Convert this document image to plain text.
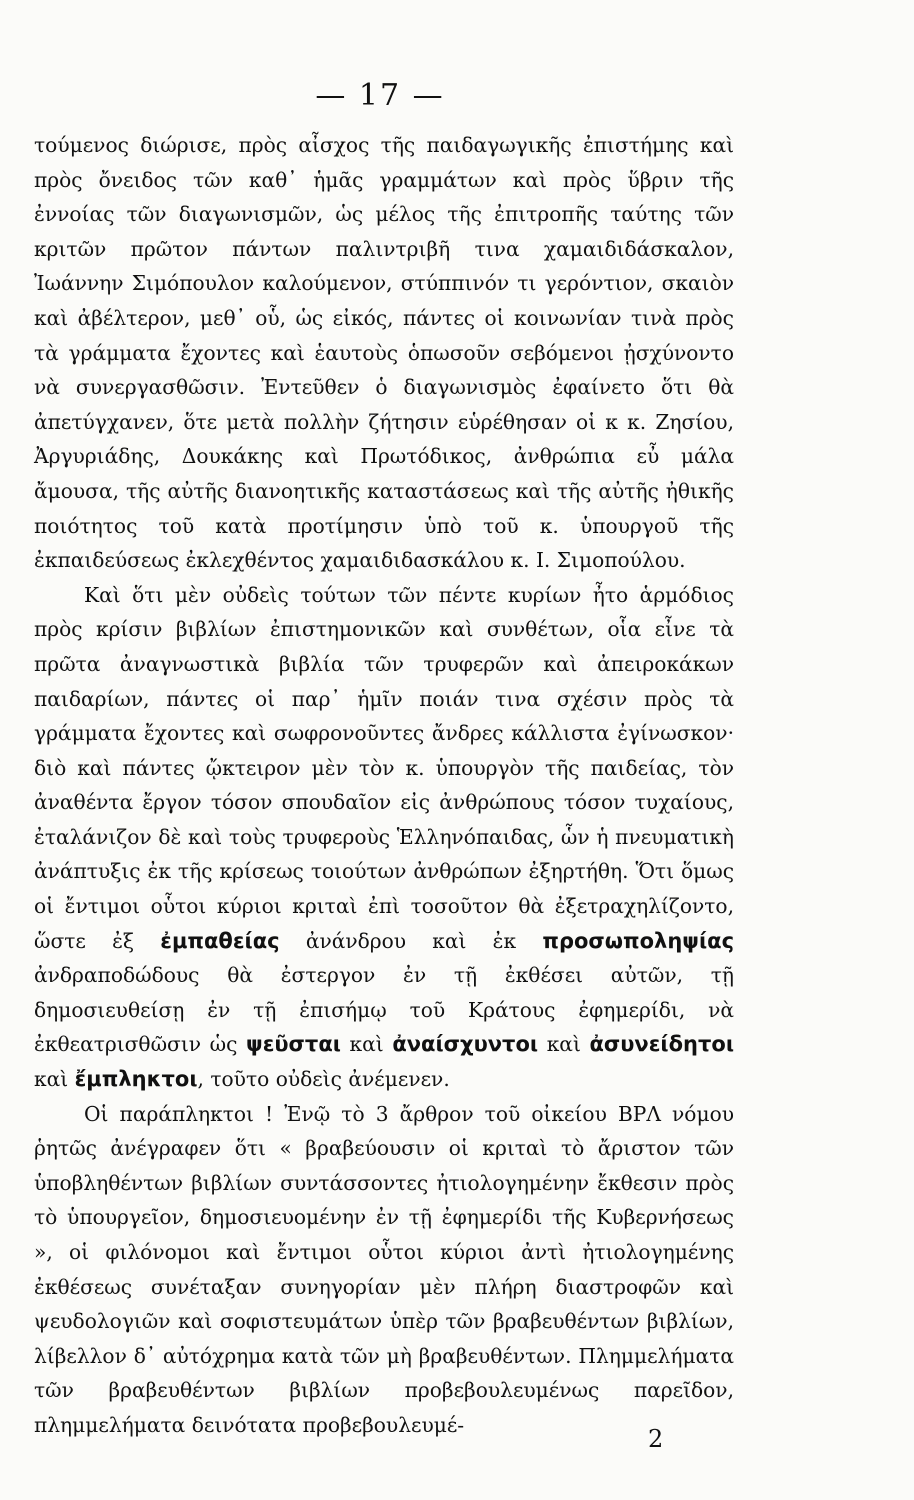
— 17 —

τούμενος διώρισε, πρὸς αἶσχος τῆς παιδαγωγικῆς ἐπιστήμης καὶ πρὸς ὄνειδος τῶν καθ᾽ ἡμᾶς γραμμάτων καὶ πρὸς ὕβριν τῆς ἐννοίας τῶν διαγωνισμῶν, ὡς μέλος τῆς ἐπιτροπῆς ταύτης τῶν κριτῶν πρῶτον πάντων παλιντριβῆ τινα χαμαιδιδάσκαλον, Ἰωάννην Σιμόπουλον καλούμενον, στύππινόν τι γερόντιον, σκαιὸν καὶ ἀβέλτερον, μεθ᾽ οὗ, ὡς εἰκός, πάντες οἱ κοινωνίαν τινὰ πρὸς τὰ γράμματα ἔχοντες καὶ ἑαυτοὺς ὁπωσοῦν σεβόμενοι ᾐσχύνοντο νὰ συνεργασθῶσιν. Ἐντεῦθεν ὁ διαγωνισμὸς ἐφαίνετο ὅτι θὰ ἀπετύγχανεν, ὅτε μετὰ πολλὴν ζήτησιν εὑρέθησαν οἱ κ κ. Ζησίου, Ἀργυριάδης, Δουκάκης καὶ Πρωτόδικος, ἀνθρώπια εὖ μάλα ἄμουσα, τῆς αὐτῆς διανοητικῆς καταστάσεως καὶ τῆς αὐτῆς ἠθικῆς ποιότητος τοῦ κατὰ προτίμησιν ὑπὸ τοῦ κ. ὑπουργοῦ τῆς ἐκπαιδεύσεως ἐκλεχθέντος χαμαιδιδασκάλου κ. Ι. Σιμοπούλου.

Καὶ ὅτι μὲν οὐδεὶς τούτων τῶν πέντε κυρίων ἦτο ἁρμόδιος πρὸς κρίσιν βιβλίων ἐπιστημονικῶν καὶ συνθέτων, οἷα εἶνε τὰ πρῶτα ἀναγνωστικὰ βιβλία τῶν τρυφερῶν καὶ ἀπειροκάκων παιδαρίων, πάντες οἱ παρ᾽ ἡμῖν ποιάν τινα σχέσιν πρὸς τὰ γράμματα ἔχοντες καὶ σωφρονοῦντες ἄνδρες κάλλιστα ἐγίνωσκον· διὸ καὶ πάντες ᾤκτειρον μὲν τὸν κ. ὑπουργὸν τῆς παιδείας, τὸν ἀναθέντα ἔργον τόσον σπουδαῖον εἰς ἀνθρώπους τόσον τυχαίους, ἐταλάνιζον δὲ καὶ τοὺς τρυφεροὺς Ἑλληνόπαιδας, ὧν ἡ πνευματικὴ ἀνάπτυξις ἐκ τῆς κρίσεως τοιούτων ἀνθρώπων ἐξηρτήθη. Ὅτι ὅμως οἱ ἔντιμοι οὗτοι κύριοι κριταὶ ἐπὶ τοσοῦτον θὰ ἐξετραχηλίζοντο, ὥστε ἐξ ἐμπαθείας ἀνάνδρου καὶ ἐκ προσωποληψίας ἀνδραποδώδους θὰ ἐστεργον ἐν τῇ ἐκθέσει αὐτῶν, τῇ δημοσιευθείσῃ ἐν τῇ ἐπισήμῳ τοῦ Κράτους ἐφημερίδι, νὰ ἐκθεατρισθῶσιν ὡς ψεῦσται καὶ ἀναίσχυντοι καὶ ἀσυνείδητοι καὶ ἔμπληκτοι, τοῦτο οὐδεὶς ἀνέμενεν.

Οἱ παράπληκτοι ! Ἐνῷ τὸ 3 ἄρθρον τοῦ οἰκείου ΒΡΛ νόμου ῥητῶς ἀνέγραφεν ὅτι « βραβεύουσιν οἱ κριταὶ τὸ ἄριστον τῶν ὑποβληθέντων βιβλίων συντάσσοντες ἠτιολογημένην ἔκθεσιν πρὸς τὸ ὑπουργεῖον, δημοσιευομένην ἐν τῇ ἐφημερίδι τῆς Κυβερνήσεως », οἱ φιλόνομοι καὶ ἔντιμοι οὗτοι κύριοι ἀντὶ ἠτιολογημένης ἐκθέσεως συνέταξαν συνηγορίαν μὲν πλήρη διαστροφῶν καὶ ψευδολογιῶν καὶ σοφιστευμάτων ὑπὲρ τῶν βραβευθέντων βιβλίων, λίβελλον δ᾽ αὐτόχρημα κατὰ τῶν μὴ βραβευθέντων. Πλημμελήματα τῶν βραβευθέντων βιβλίων προβεβουλευμένως παρεῖδον, πλημμελήματα δεινότατα προβεβουλευμέ-

2
